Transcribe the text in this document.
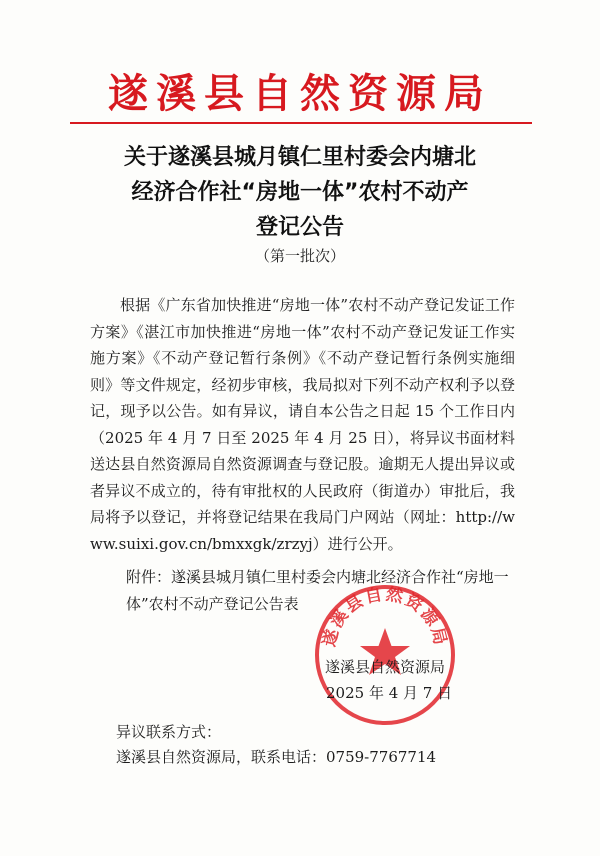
遂溪县自然资源局
关于遂溪县城月镇仁里村委会内塘北
经济合作社“房地一体”农村不动产
登记公告
（第一批次）
根据《广东省加快推进“房地一体”农村不动产登记发证工作方案》《湛江市加快推进“房地一体”农村不动产登记发证工作实施方案》《不动产登记暂行条例》《不动产登记暂行条例实施细则》等文件规定，经初步审核，我局拟对下列不动产权利予以登记，现予以公告。如有异议，请自本公告之日起 15 个工作日内（2025 年 4 月 7 日至 2025 年 4 月 25 日），将异议书面材料送达县自然资源局自然资源调查与登记股。逾期无人提出异议或者异议不成立的，待有审批权的人民政府（街道办）审批后，我局将予以登记，并将登记结果在我局门户网站（网址：http://www.suixi.gov.cn/bmxxgk/zrzyj）进行公开。
附件：遂溪县城月镇仁里村委会内塘北经济合作社“房地一体”农村不动产登记公告表
遂溪县自然资源局
遂溪县自然资源局
2025 年 4 月 7 日
异议联系方式：
遂溪县自然资源局，联系电话：0759-7767714
